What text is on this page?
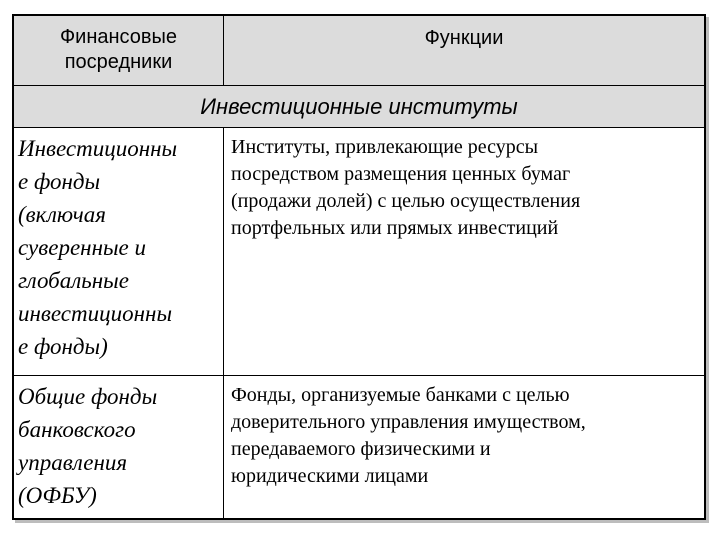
Финансовые
посредники
Функции
Инвестиционные институты
Инвестиционны
е фонды
(включая
суверенные и
глобальные
инвестиционны
е фонды)
Институты, привлекающие ресурсы
посредством размещения ценных бумаг
(продажи долей) с целью осуществления
портфельных или прямых инвестиций
Общие фонды
банковского
управления
(ОФБУ)
Фонды, организуемые банками с целью
доверительного управления имуществом,
передаваемого физическими и
юридическими лицами
